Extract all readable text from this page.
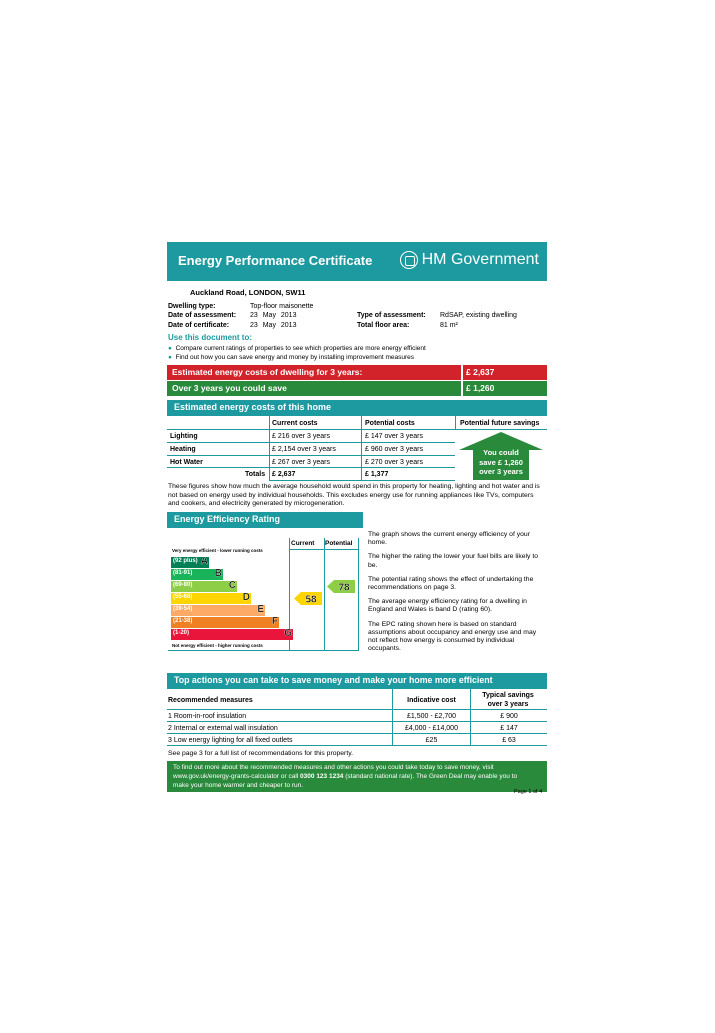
Energy Performance Certificate	HM Government
Auckland Road, LONDON, SW11
Dwelling type:	Top-floor maisonette
Date of assessment: 23 May 2013
Date of certificate:	23 May 2013
Type of assessment: RdSAP, existing dwelling
Total floor area:	81 m²
Use this document to:
● Compare current ratings of properties to see which properties are more energy efficient
● Find out how you can save energy and money by installing improvement measures
Estimated energy costs of dwelling for 3 years:	£ 2,637
Over 3 years you could save	£ 1,260
Estimated energy costs of this home
Current costs	Potential costs	Potential future savings
Lighting	£ 216 over 3 years	£ 147 over 3 years
Heating	£ 2,154 over 3 years	£ 960 over 3 years
Hot Water	£ 267 over 3 years	£ 270 over 3 years
Totals £ 2,637	£ 1,377
You could
save £ 1,260
over 3 years
These figures show how much the average household would spend in this property for heating, lighting and hot water and is not based on energy used by individual households. This excludes energy use for running appliances like TVs, computers and cookers, and electricity generated by microgeneration.
Energy Efficiency Rating
Current Potential
Very energy efficient - lower running costs
(92 plus) A
(81-91) B
(69-80)	C
(55-68)	D
(39-54)	E
(21-38)	F
(1-20)	G
Not energy efficient - higher running costs
58
78
The graph shows the current energy efficiency of your home.
The higher the rating the lower your fuel bills are likely to be.
The potential rating shows the effect of undertaking the recommendations on page 3.
The average energy efficiency rating for a dwelling in England and Wales is band D (rating 60).
The EPC rating shown here is based on standard assumptions about occupancy and energy use and may not reflect how energy is consumed by individual occupants.
Top actions you can take to save money and make your home more efficient
Recommended measures	Indicative cost
Typical savings over 3 years
1 Room-in-roof insulation	£1,500 - £2,700	£ 900
2 Internal or external wall insulation	£4,000 - £14,000	£ 147
3 Low energy lighting for all fixed outlets	£25	£ 63
See page 3 for a full list of recommendations for this property.
To find out more about the recommended measures and other actions you could take today to save money, visit
www.gov.uk/energy-grants-calculator or call 0300 123 1234 (standard national rate). The Green Deal may enable you to
make your home warmer and cheaper to run.
Page 1 of 4
